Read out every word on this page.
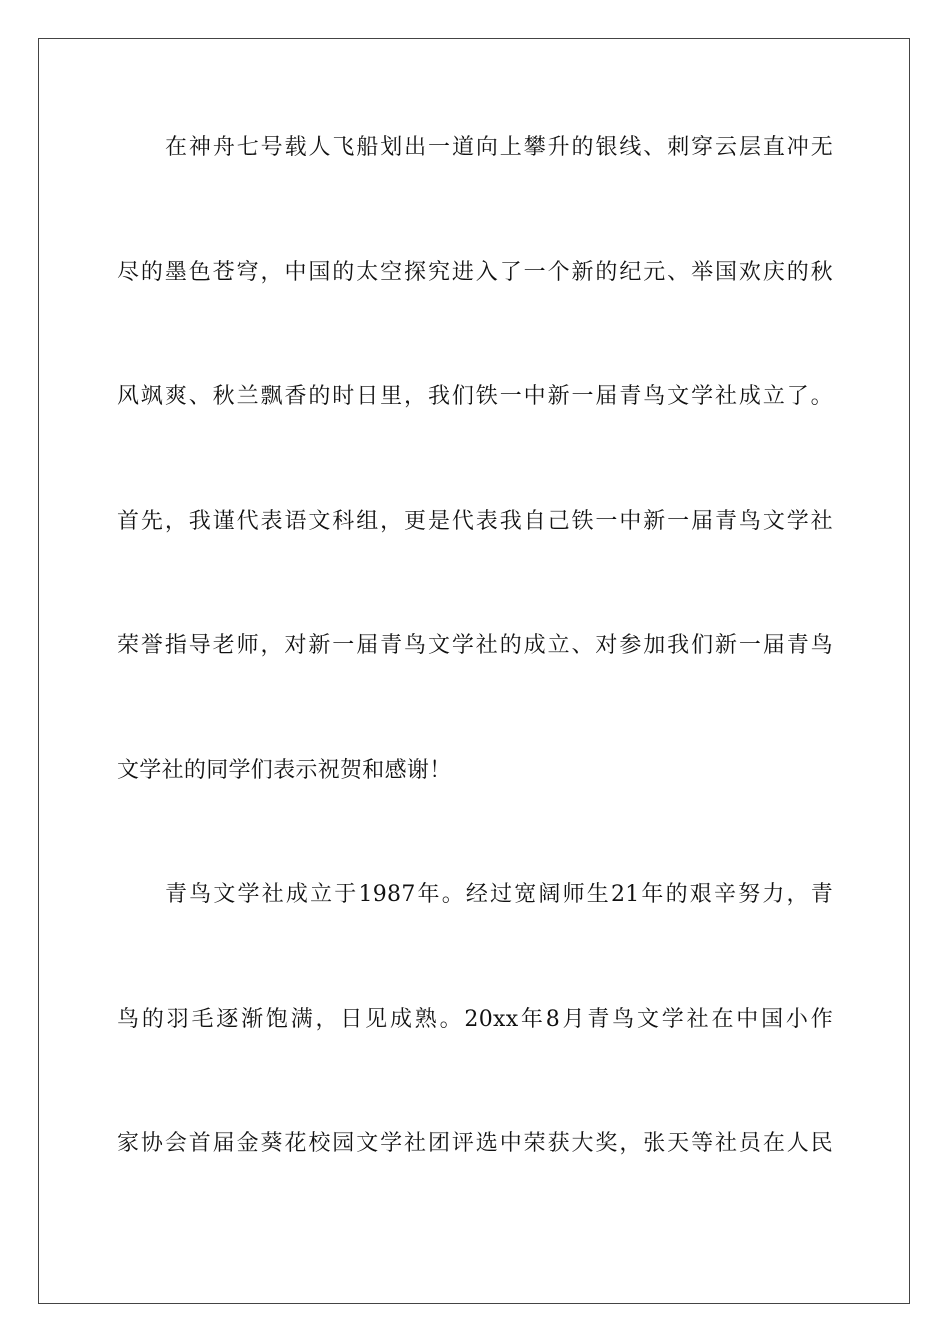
在神舟七号载人飞船划出一道向上攀升的银线、刺穿云层直冲无
尽的墨色苍穹，中国的太空探究进入了一个新的纪元、举国欢庆的秋
风飒爽、秋兰飘香的时日里，我们铁一中新一届青鸟文学社成立了。
首先，我谨代表语文科组，更是代表我自己铁一中新一届青鸟文学社
荣誉指导老师，对新一届青鸟文学社的成立、对参加我们新一届青鸟
文学社的同学们表示祝贺和感谢！
青鸟文学社成立于1987年。经过宽阔师生21年的艰辛努力，青
鸟的羽毛逐渐饱满，日见成熟。20xx年8月青鸟文学社在中国小作
家协会首届金葵花校园文学社团评选中荣获大奖，张天等社员在人民
